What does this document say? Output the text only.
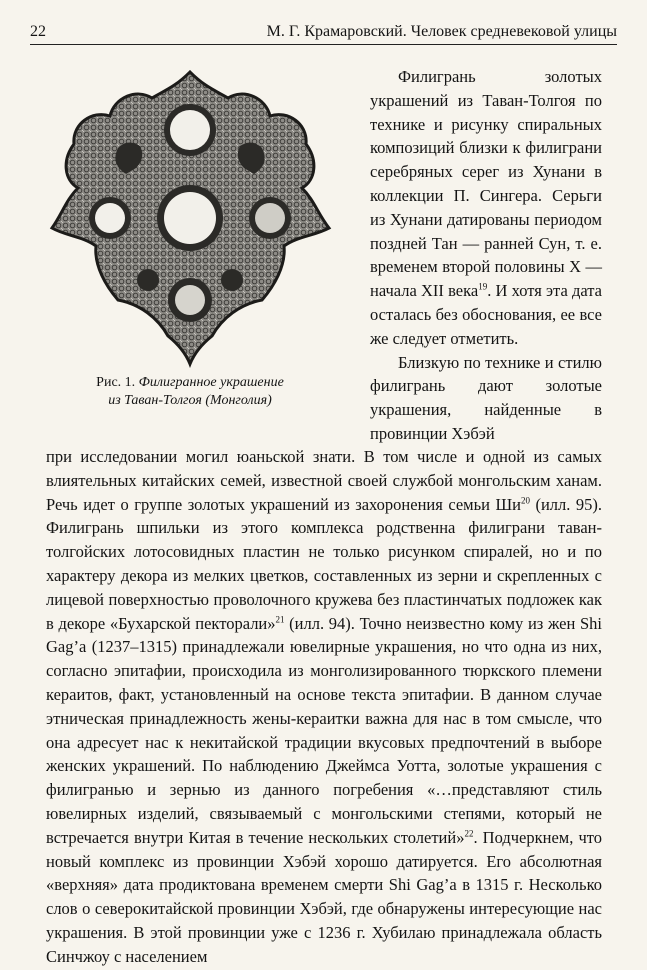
22	М. Г. Крамаровский. Человек средневековой улицы
Рис. 1. Филигранное украшение
из Таван-Толгоя (Монголия)

Филигрань золотых украшений из Таван-Толгоя по технике и рисунку спиральных композиций близки к филиграни серебряных серег из Хунани в коллекции П. Сингера. Серьги из Хунани датированы периодом поздней Тан — ранней Сун, т. е. временем второй половины X — начала XII века$^{19}$. И хотя эта дата осталась без обоснования, ее все же следует отметить.

Близкую по технике и стилю филигрань дают золотые украшения, найденные в провинции Хэбэй

при исследовании могил юаньской знати. В том числе и одной из самых влиятельных китайских семей, известной своей службой монгольским ханам. Речь идет о группе золотых украшений из захоронения семьи $Ши^{20}$ (илл. 95). Филигрань шпильки из этого комплекса родственна филиграни таван-толгойских лотосовидных пластин не только рисунком спиралей, но и по характеру декора из мелких цветков, составленных из зерни и скрепленных с лицевой поверхностью проволочного кружева без пластинчатых подложек как в декоре «Бухарской пекторали»$^{21}$ (илл. 94). Точно неизвестно кому из жен Shi Gag’a (1237–1315) принадлежали ювелирные украшения, но что одна из них, согласно эпитафии, происходила из монголизированного тюркского племени кераитов, факт, установленный на основе текста эпитафии. В данном случае этническая принадлежность жены-кераитки важна для нас в том смысле, что она адресует нас к некитайской традиции вкусовых предпочтений в выборе женских украшений. По наблюдению Джеймса Уотта, золотые украшения с филигранью и зернью из данного погребения «…представляют стиль ювелирных изделий, связываемый с монгольскими степями, который не встречается внутри Китая в течение нескольких столетий»$^{22}$. Подчеркнем, что новый комплекс из провинции Хэбэй хорошо датируется. Его абсолютная «верхняя» дата продиктована временем смерти Shi Gag’a в 1315 г. Несколько слов о северокитайской провинции Хэбэй, где обнаружены интересующие нас украшения. В этой провинции уже с 1236 г. Хубилаю принадлежала область Синчжоу с населением
